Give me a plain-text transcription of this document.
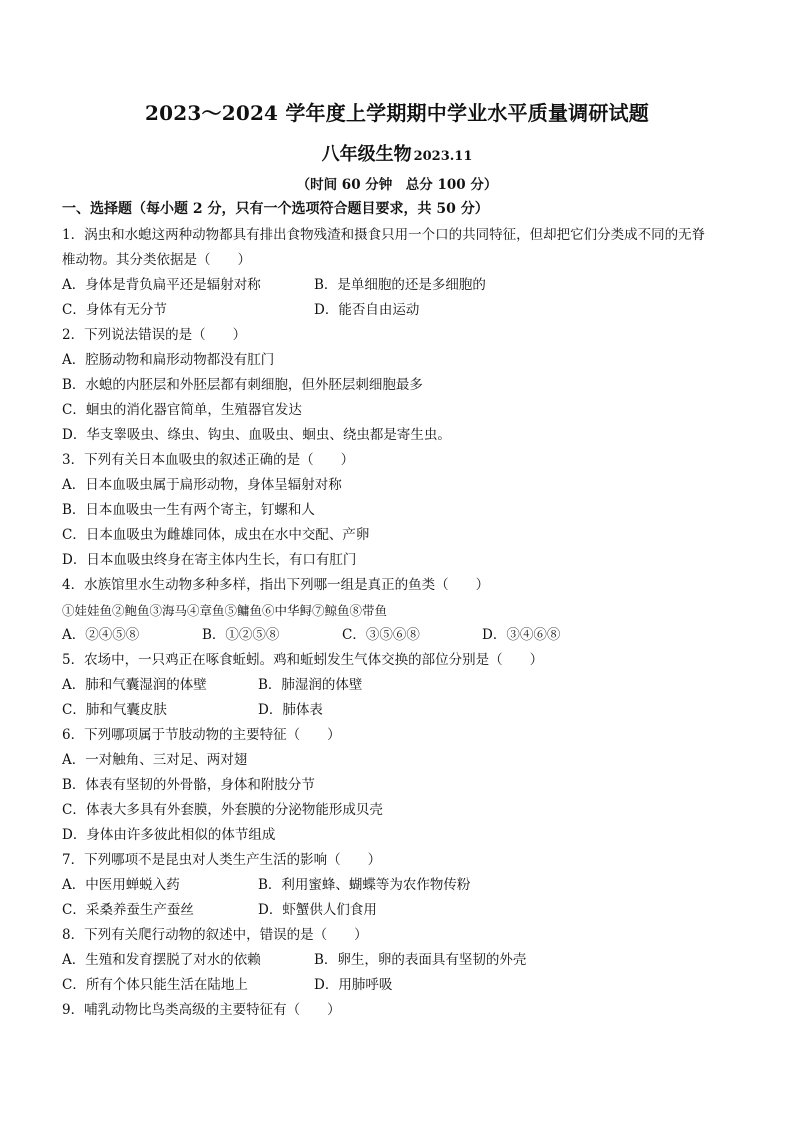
2023～2024 学年度上学期期中学业水平质量调研试题
八年级生物 2023.11
（时间 60 分钟　总分 100 分）
一、选择题（每小题 2 分，只有一个选项符合题目要求，共 50 分）
1．涡虫和水螅这两种动物都具有排出食物残渣和摄食只用一个口的共同特征，但却把它们分类成不同的无脊
椎动物。其分类依据是（　　）
A．身体是背负扁平还是辐射对称	B．是单细胞的还是多细胞的
C．身体有无分节	D．能否自由运动
2．下列说法错误的是（　　）
A．腔肠动物和扁形动物都没有肛门
B．水螅的内胚层和外胚层都有刺细胞，但外胚层刺细胞最多
C．蛔虫的消化器官简单，生殖器官发达
D．华支睾吸虫、绦虫、钩虫、血吸虫、蛔虫、绕虫都是寄生虫。
3．下列有关日本血吸虫的叙述正确的是（　　）
A．日本血吸虫属于扁形动物，身体呈辐射对称
B．日本血吸虫一生有两个寄主，钉螺和人
C．日本血吸虫为雌雄同体，成虫在水中交配、产卵
D．日本血吸虫终身在寄主体内生长，有口有肛门
4．水族馆里水生动物多种多样，指出下列哪一组是真正的鱼类（　　）
①娃娃鱼②鲍鱼③海马④章鱼⑤鳙鱼⑥中华鲟⑦鲸鱼⑧带鱼
A．②④⑤⑧	B．①②⑤⑧	C．③⑤⑥⑧	D．③④⑥⑧
5．农场中，一只鸡正在啄食蚯蚓。鸡和蚯蚓发生气体交换的部位分别是（　　）
A．肺和气囊湿润的体壁	B．肺湿润的体壁
C．肺和气囊皮肤	D．肺体表
6．下列哪项属于节肢动物的主要特征（　　）
A．一对触角、三对足、两对翅
B．体表有坚韧的外骨骼，身体和附肢分节
C．体表大多具有外套膜，外套膜的分泌物能形成贝壳
D．身体由许多彼此相似的体节组成
7．下列哪项不是昆虫对人类生产生活的影响（　　）
A．中医用蝉蜕入药	B．利用蜜蜂、蝴蝶等为农作物传粉
C．采桑养蚕生产蚕丝	D．虾蟹供人们食用
8．下列有关爬行动物的叙述中，错误的是（　　）
A．生殖和发育摆脱了对水的依赖	B．卵生，卵的表面具有坚韧的外壳
C．所有个体只能生活在陆地上	D．用肺呼吸
9．哺乳动物比鸟类高级的主要特征有（　　）
